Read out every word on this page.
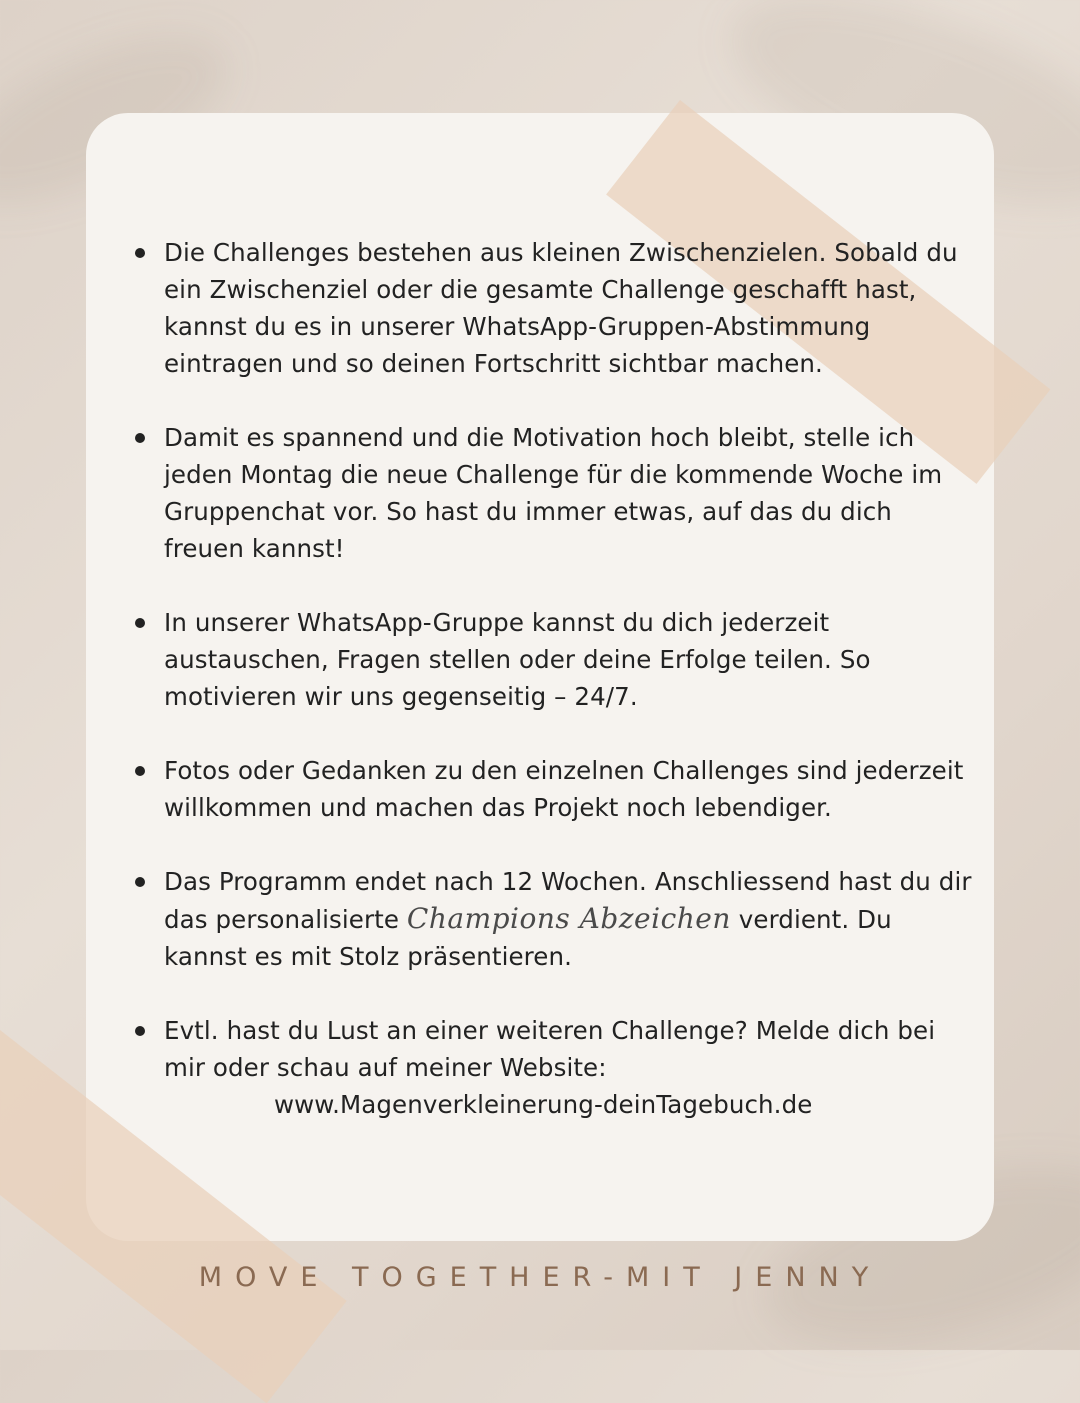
Die Challenges bestehen aus kleinen Zwischenzielen. Sobald du ein Zwischenziel oder die gesamte Challenge geschafft hast, kannst du es in unserer WhatsApp-Gruppen-Abstimmung eintragen und so deinen Fortschritt sichtbar machen.
Damit es spannend und die Motivation hoch bleibt, stelle ich jeden Montag die neue Challenge für die kommende Woche im Gruppenchat vor. So hast du immer etwas, auf das du dich freuen kannst!
In unserer WhatsApp-Gruppe kannst du dich jederzeit austauschen, Fragen stellen oder deine Erfolge teilen. So motivieren wir uns gegenseitig – 24/7.
Fotos oder Gedanken zu den einzelnen Challenges sind jederzeit willkommen und machen das Projekt noch lebendiger.
Das Programm endet nach 12 Wochen. Anschliessend hast du dir das personalisierte Champions Abzeichen verdient. Du kannst es mit Stolz präsentieren.
Evtl. hast du Lust an einer weiteren Challenge? Melde dich bei mir oder schau auf meiner Website:
www.Magenverkleinerung-deinTagebuch.de
MOVE TOGETHER-MIT JENNY
